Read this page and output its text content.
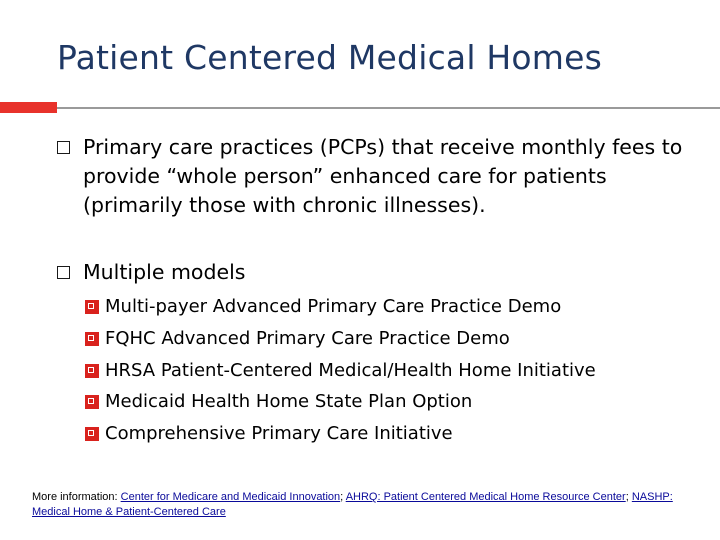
Patient Centered Medical Homes
Primary care practices (PCPs) that receive monthly fees to provide “whole person” enhanced care for patients (primarily those with chronic illnesses).
Multiple models
Multi-payer Advanced Primary Care Practice Demo
FQHC Advanced Primary Care Practice Demo
HRSA Patient-Centered Medical/Health Home Initiative
Medicaid Health Home State Plan Option
Comprehensive Primary Care Initiative
More information: Center for Medicare and Medicaid Innovation; AHRQ: Patient Centered Medical Home Resource Center; NASHP: Medical Home & Patient-Centered Care
